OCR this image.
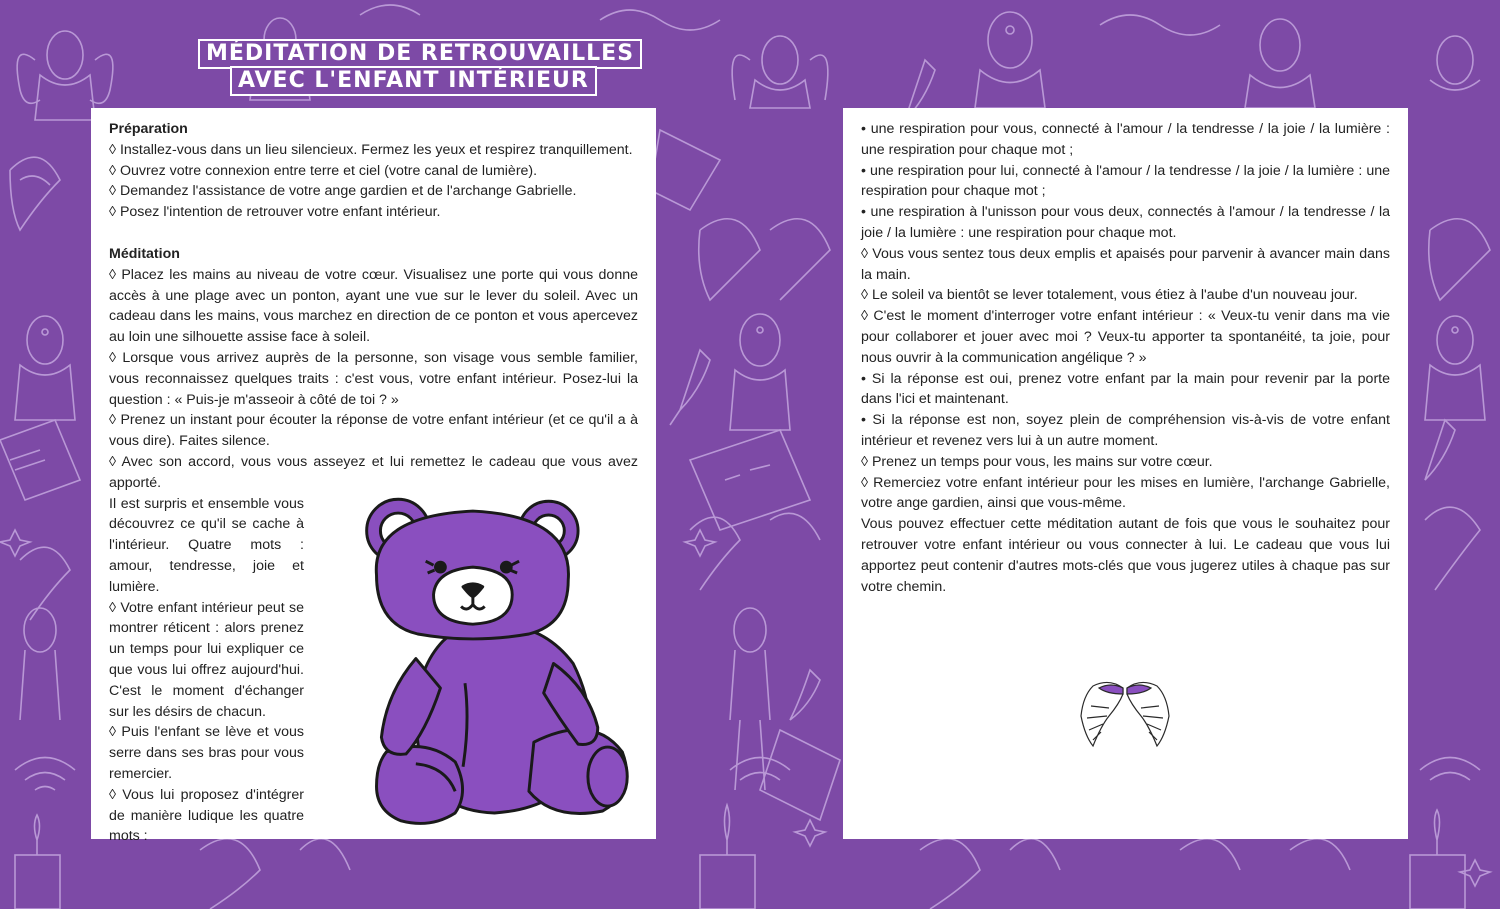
MÉDITATION DE RETROUVAILLES
AVEC L'ENFANT INTÉRIEUR

Préparation

◊ Installez-vous dans un lieu silencieux. Fermez les yeux et respirez tranquillement.

◊ Ouvrez votre connexion entre terre et ciel (votre canal de lumière).

◊ Demandez l'assistance de votre ange gardien et de l'archange Gabrielle.

◊ Posez l'intention de retrouver votre enfant intérieur.

Méditation

◊ Placez les mains au niveau de votre cœur. Visualisez une porte qui vous donne accès à une plage avec un ponton, ayant une vue sur le lever du soleil. Avec un cadeau dans les mains, vous marchez en direction de ce ponton et vous apercevez au loin une silhouette assise face à soleil.

◊ Lorsque vous arrivez auprès de la personne, son visage vous semble familier, vous reconnaissez quelques traits : c'est vous, votre enfant intérieur. Posez-lui la question : « Puis-je m'asseoir à côté de toi ? »

◊ Prenez un instant pour écouter la réponse de votre enfant intérieur (et ce qu'il a à vous dire). Faites silence.

◊ Avec son accord, vous vous asseyez et lui remettez le cadeau que vous avez apporté.

Il est surpris et ensemble vous découvrez ce qu'il se cache à l'intérieur. Quatre mots : amour, tendresse, joie et lumière.

◊ Votre enfant intérieur peut se montrer réticent : alors prenez un temps pour lui expliquer ce que vous lui offrez aujourd'hui. C'est le moment d'échanger sur les désirs de chacun.

◊ Puis l'enfant se lève et vous serre dans ses bras pour vous remercier.

◊ Vous lui proposez d'intégrer de manière ludique les quatre mots :

• une respiration pour vous, connecté à l'amour / la tendresse / la joie / la lumière : une respiration pour chaque mot ;

• une respiration pour lui, connecté à l'amour / la tendresse / la joie / la lumière : une respiration pour chaque mot ;

• une respiration à l'unisson pour vous deux, connectés à l'amour / la tendresse / la joie / la lumière : une respiration pour chaque mot.

◊ Vous vous sentez tous deux emplis et apaisés pour parvenir à avancer main dans la main.

◊ Le soleil va bientôt se lever totalement, vous étiez à l'aube d'un nouveau jour.

◊ C'est le moment d'interroger votre enfant intérieur : « Veux-tu venir dans ma vie pour collaborer et jouer avec moi ? Veux-tu apporter ta spontanéité, ta joie, pour nous ouvrir à la communication angélique ? »

• Si la réponse est oui, prenez votre enfant par la main pour revenir par la porte dans l'ici et maintenant.

• Si la réponse est non, soyez plein de compréhension vis-à-vis de votre enfant intérieur et revenez vers lui à un autre moment.

◊ Prenez un temps pour vous, les mains sur votre cœur.

◊ Remerciez votre enfant intérieur pour les mises en lumière, l'archange Gabrielle, votre ange gardien, ainsi que vous-même.

Vous pouvez effectuer cette méditation autant de fois que vous le souhaitez pour retrouver votre enfant intérieur ou vous connecter à lui. Le cadeau que vous lui apportez peut contenir d'autres mots-clés que vous jugerez utiles à chaque pas sur votre chemin.
